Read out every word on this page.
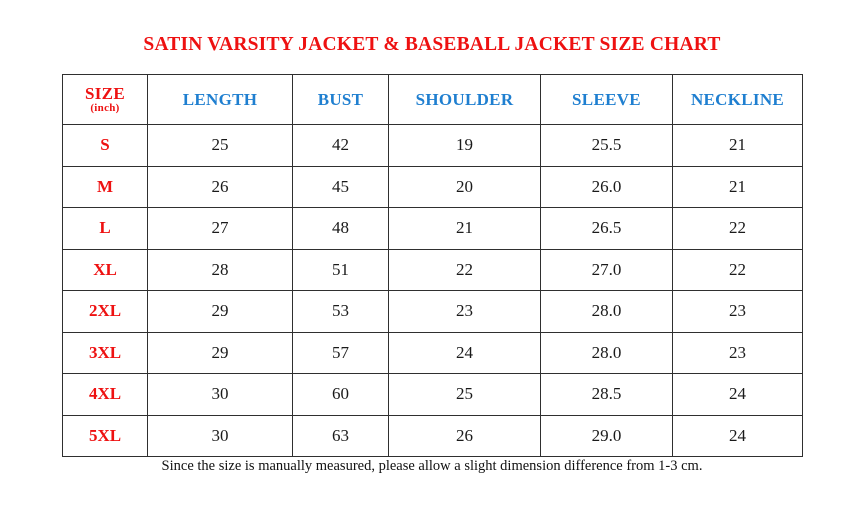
SATIN VARSITY JACKET & BASEBALL JACKET SIZE CHART
SIZE
(inch)	LENGTH	BUST	SHOULDER	SLEEVE	NECKLINE
S	25	42	19	25.5	21
M	26	45	20	26.0	21
L	27	48	21	26.5	22
XL	28	51	22	27.0	22
2XL	29	53	23	28.0	23
3XL	29	57	24	28.0	23
4XL	30	60	25	28.5	24
5XL	30	63	26	29.0	24
Since the size is manually measured, please allow a slight dimension difference from 1-3 cm.
